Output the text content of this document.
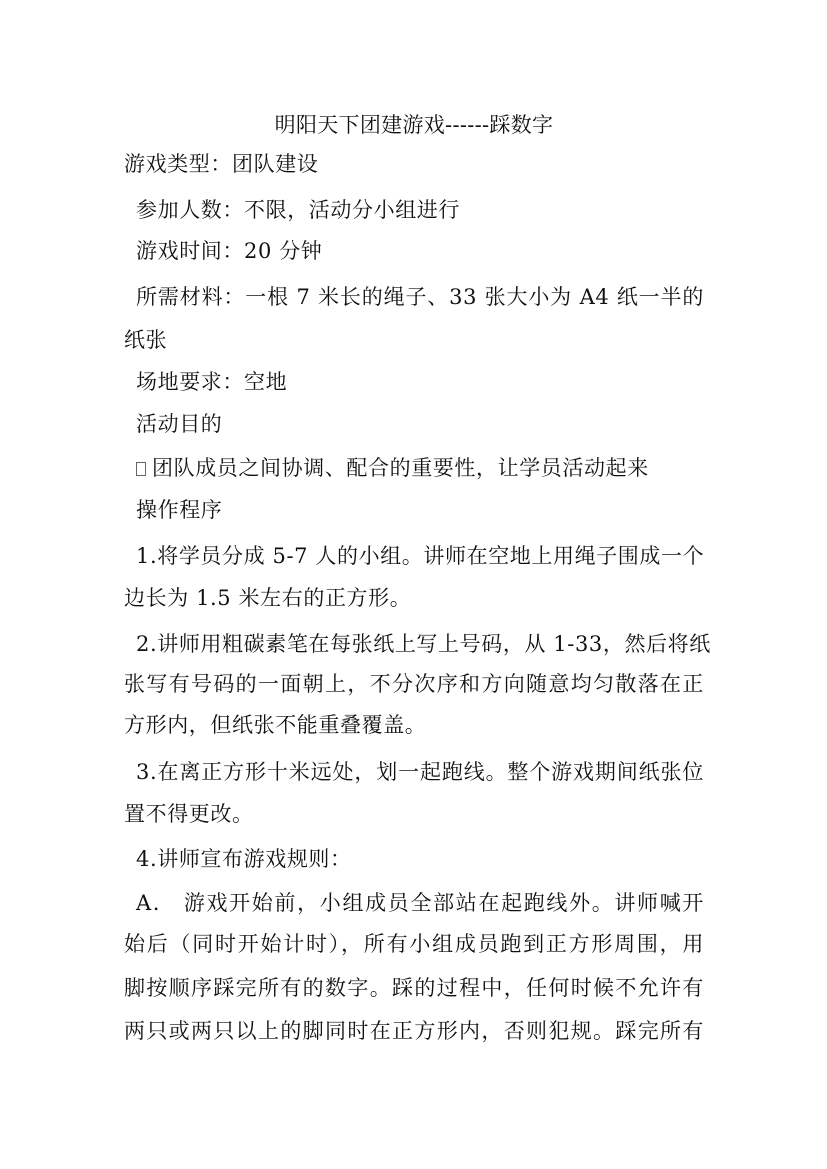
明阳天下团建游戏------踩数字
游戏类型：团队建设
参加人数：不限，活动分小组进行
游戏时间：20 分钟
所需材料：一根 7 米长的绳子、33 张大小为 A4 纸一半的
纸张
场地要求：空地
活动目的
团队成员之间协调、配合的重要性，让学员活动起来
操作程序
1.将学员分成 5-7 人的小组。讲师在空地上用绳子围成一个
边长为 1.5 米左右的正方形。
2.讲师用粗碳素笔在每张纸上写上号码，从 1-33，然后将纸
张写有号码的一面朝上，不分次序和方向随意均匀散落在正
方形内，但纸张不能重叠覆盖。
3.在离正方形十米远处，划一起跑线。整个游戏期间纸张位
置不得更改。
4.讲师宣布游戏规则：
A． 游戏开始前，小组成员全部站在起跑线外。讲师喊开
始后（同时开始计时），所有小组成员跑到正方形周围，用
脚按顺序踩完所有的数字。踩的过程中，任何时候不允许有
两只或两只以上的脚同时在正方形内，否则犯规。踩完所有
